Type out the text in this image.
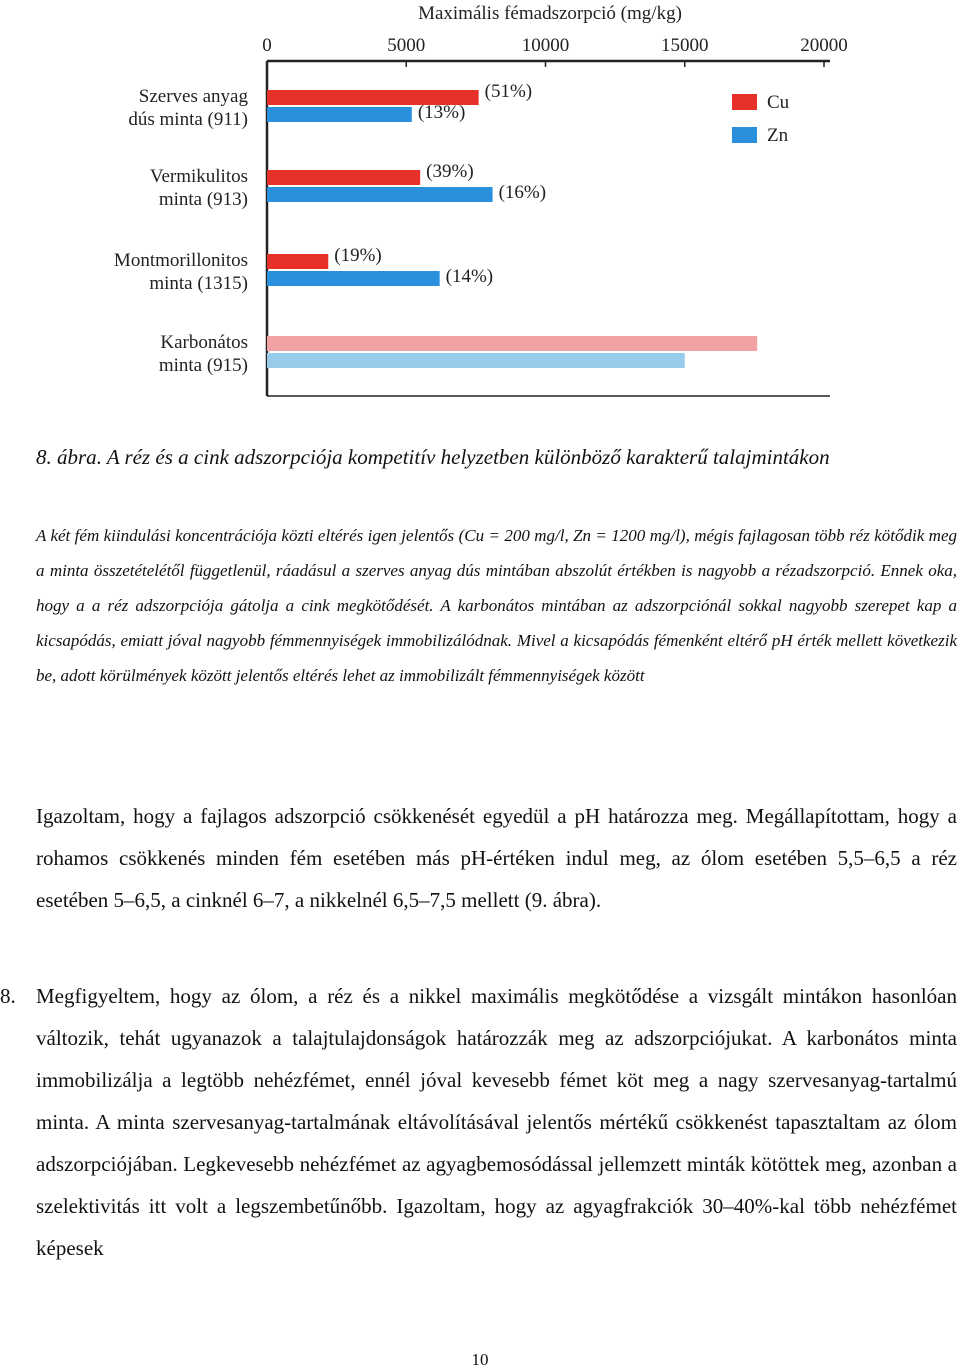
Maximális fémadszorpció (mg/kg)
0	5000	10000	15000	20000
Szerves anyag
dús minta (911)
Vermikulitos
minta (913)
Montmorillonitos
minta (1315)
Karbonátos
minta (915)
(51%)
(13%)
(39%)
(16%)
(19%)
(14%)
Cu
Zn
8. ábra. A réz és a cink adszorpciója kompetitív helyzetben különböző karakterű talajmintákon
A két fém kiindulási koncentrációja közti eltérés igen jelentős (Cu = 200 mg/l, Zn = 1200 mg/l), mégis fajlagosan több réz kötődik meg a minta összetételétől függetlenül, ráadásul a szerves anyag dús mintában abszolút értékben is nagyobb a rézadszorpció. Ennek oka, hogy a a réz adszorpciója gátolja a cink megkötődését. A karbonátos mintában az adszorpciónál sokkal nagyobb szerepet kap a kicsapódás, emiatt jóval nagyobb fémmennyiségek immobilizálódnak. Mivel a kicsapódás fémenként eltérő pH érték mellett következik be, adott körülmények között jelentős eltérés lehet az immobilizált fémmennyiségek között
Igazoltam, hogy a fajlagos adszorpció csökkenését egyedül a pH határozza meg. Megállapítottam, hogy a rohamos csökkenés minden fém esetében más pH-értéken indul meg, az ólom esetében 5,5–6,5 a réz esetében 5–6,5, a cinknél 6–7, a nikkelnél 6,5–7,5 mellett (9. ábra).
8. Megfigyeltem, hogy az ólom, a réz és a nikkel maximális megkötődése a vizsgált mintákon hasonlóan változik, tehát ugyanazok a talajtulajdonságok határozzák meg az adszorpciójukat. A karbonátos minta immobilizálja a legtöbb nehézfémet, ennél jóval kevesebb fémet köt meg a nagy szervesanyag-tartalmú minta. A minta szervesanyag-tartalmának eltávolításával jelentős mértékű csökkenést tapasztaltam az ólom adszorpciójában. Legkevesebb nehézfémet az agyagbemosódással jellemzett minták kötöttek meg, azonban a szelektivitás itt volt a legszembetűnőbb. Igazoltam, hogy az agyagfrakciók 30–40%-kal több nehézfémet képesek
10
